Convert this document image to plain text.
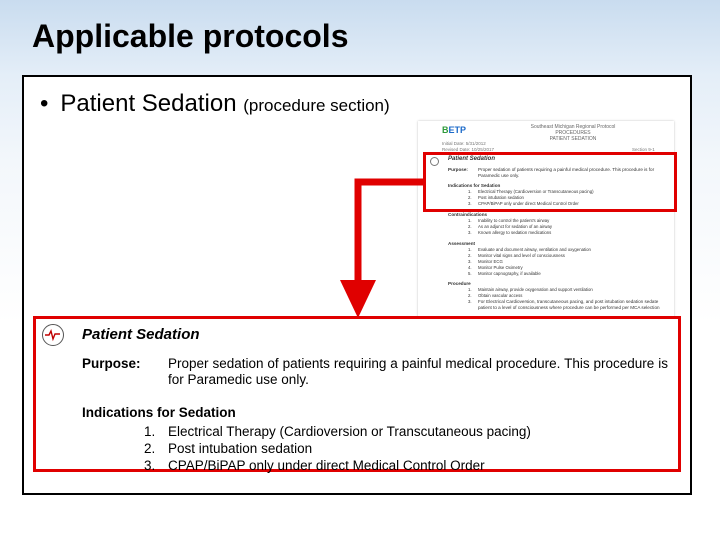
Applicable protocols
• Patient Sedation (procedure section)
BETP	Southeast Michigan Regional Protocol
PROCEDURES
PATIENT SEDATION
Initial Date: 5/31/2012
Revised Date: 10/25/2017	Section 9-1
Patient Sedation
Purpose: Proper sedation of patients requiring a painful medical procedure. This procedure is for Paramedic use only.
Indications for Sedation
1. Electrical Therapy (Cardioversion or Transcutaneous pacing)
2. Post intubation sedation
3. CPAP/BiPAP only under direct Medical Control Order
Contraindications
1. Inability to control the patient's airway
2. As an adjunct for sedation of an airway
3. Known allergy to sedation medications
Assessment
1. Evaluate and document airway, ventilation and oxygenation
2. Monitor vital signs and level of consciousness
3. Monitor ECG
4. Monitor Pulse Oximetry
5. Monitor capnography, if available
Procedure
1. Maintain airway, provide oxygenation and support ventilation
2. Obtain vascular access
3. For Electrical Cardioversion, transcutaneous pacing, and post intubation sedation sedate patient to a level of consciousness where procedure can be performed per MCA selection
Patient Sedation
Purpose: Proper sedation of patients requiring a painful medical procedure. This procedure is for Paramedic use only.
Indications for Sedation
1. Electrical Therapy (Cardioversion or Transcutaneous pacing)
2. Post intubation sedation
3. CPAP/BiPAP only under direct Medical Control Order
